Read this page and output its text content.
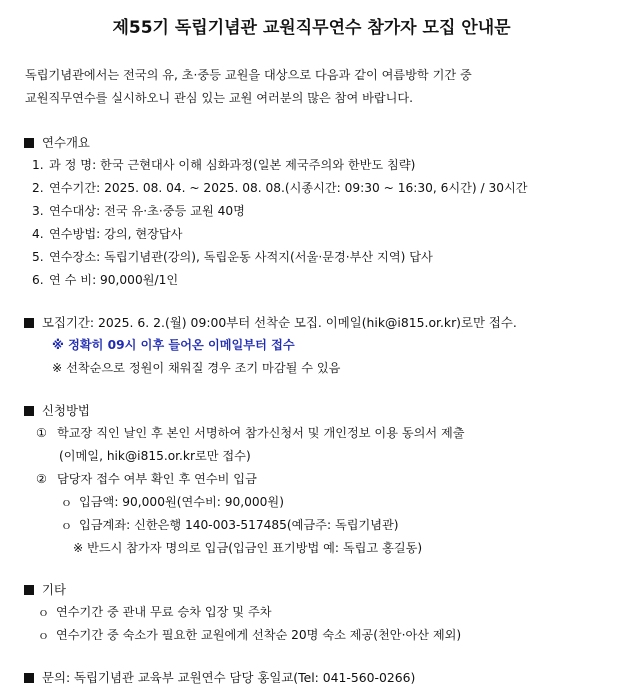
제55기 독립기념관 교원직무연수 참가자 모집 안내문
독립기념관에서는 전국의 유, 초·중등 교원을 대상으로 다음과 같이 여름방학 기간 중
교원직무연수를 실시하오니 관심 있는 교원 여러분의 많은 참여 바랍니다.
연수개요
1. 과 정 명: 한국 근현대사 이해 심화과정(일본 제국주의와 한반도 침략)
2. 연수기간: 2025. 08. 04. ~ 2025. 08. 08.(시종시간: 09:30 ~ 16:30, 6시간) / 30시간
3. 연수대상: 전국 유·초·중등 교원 40명
4. 연수방법: 강의, 현장답사
5. 연수장소: 독립기념관(강의), 독립운동 사적지(서울·문경·부산 지역) 답사
6. 연 수 비: 90,000원/1인
모집기간: 2025. 6. 2.(월) 09:00부터 선착순 모집. 이메일(hik@i815.or.kr)로만 접수.
※ 정확히 09시 이후 들어온 이메일부터 접수
※ 선착순으로 정원이 채워질 경우 조기 마감될 수 있음
신청방법
① 학교장 직인 날인 후 본인 서명하여 참가신청서 및 개인정보 이용 동의서 제출
(이메일, hik@i815.or.kr로만 접수)
② 담당자 접수 여부 확인 후 연수비 입금
ｏ 입금액: 90,000원(연수비: 90,000원)
ｏ 입금계좌: 신한은행 140-003-517485(예금주: 독립기념관)
※ 반드시 참가자 명의로 입금(입금인 표기방법 예: 독립고 홍길동)
기타
ｏ 연수기간 중 관내 무료 승차 입장 및 주차
ｏ 연수기간 중 숙소가 필요한 교원에게 선착순 20명 숙소 제공(천안·아산 제외)
문의: 독립기념관 교육부 교원연수 담당 홍일교(Tel: 041-560-0266)
